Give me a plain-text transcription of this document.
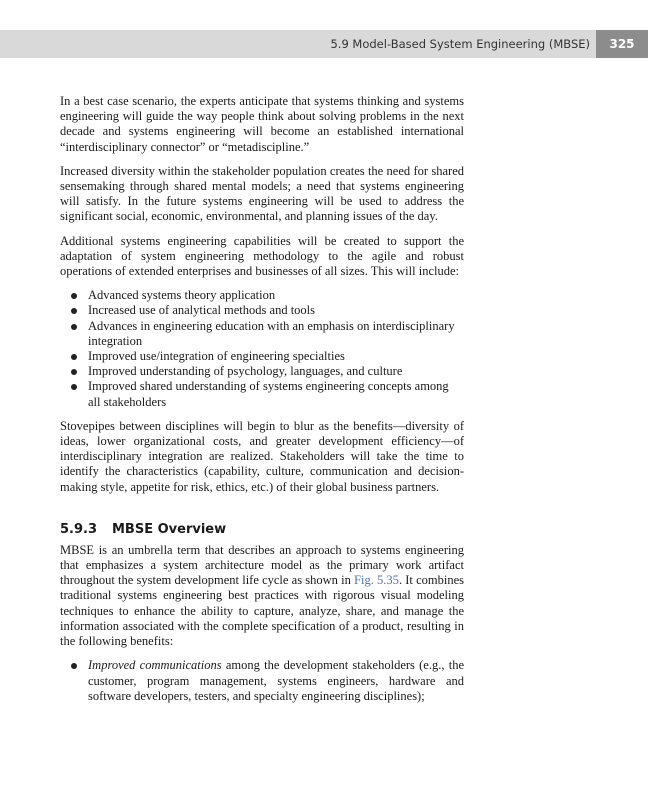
5.9 Model-Based System Engineering (MBSE)	325

In a best case scenario, the experts anticipate that systems thinking and systems engineering will guide the way people think about solving problems in the next decade and systems engineering will become an established international “interdisciplinary connector” or “metadiscipline.”

Increased diversity within the stakeholder population creates the need for shared sensemaking through shared mental models; a need that systems engineering will satisfy. In the future systems engineering will be used to address the significant social, economic, environmental, and planning issues of the day.

Additional systems engineering capabilities will be created to support the adaptation of system engineering methodology to the agile and robust operations of extended enterprises and businesses of all sizes. This will include:

Advanced systems theory application
Increased use of analytical methods and tools
Advances in engineering education with an emphasis on interdisciplinary integration
Improved use/integration of engineering specialties
Improved understanding of psychology, languages, and culture
Improved shared understanding of systems engineering concepts among all stakeholders

Stovepipes between disciplines will begin to blur as the benefits—diversity of ideas, lower organizational costs, and greater development efficiency—of interdisciplinary integration are realized. Stakeholders will take the time to identify the characteristics (capability, culture, communication and decision-making style, appetite for risk, ethics, etc.) of their global business partners.

5.9.3 MBSE Overview

MBSE is an umbrella term that describes an approach to systems engineering that emphasizes a system architecture model as the primary work artifact throughout the system development life cycle as shown in Fig. 5.35. It combines traditional systems engineering best practices with rigorous visual modeling techniques to enhance the ability to capture, analyze, share, and manage the information associated with the complete specification of a product, resulting in the following benefits:

Improved communications among the development stakeholders (e.g., the customer, program management, systems engineers, hardware and software developers, testers, and specialty engineering disciplines);
